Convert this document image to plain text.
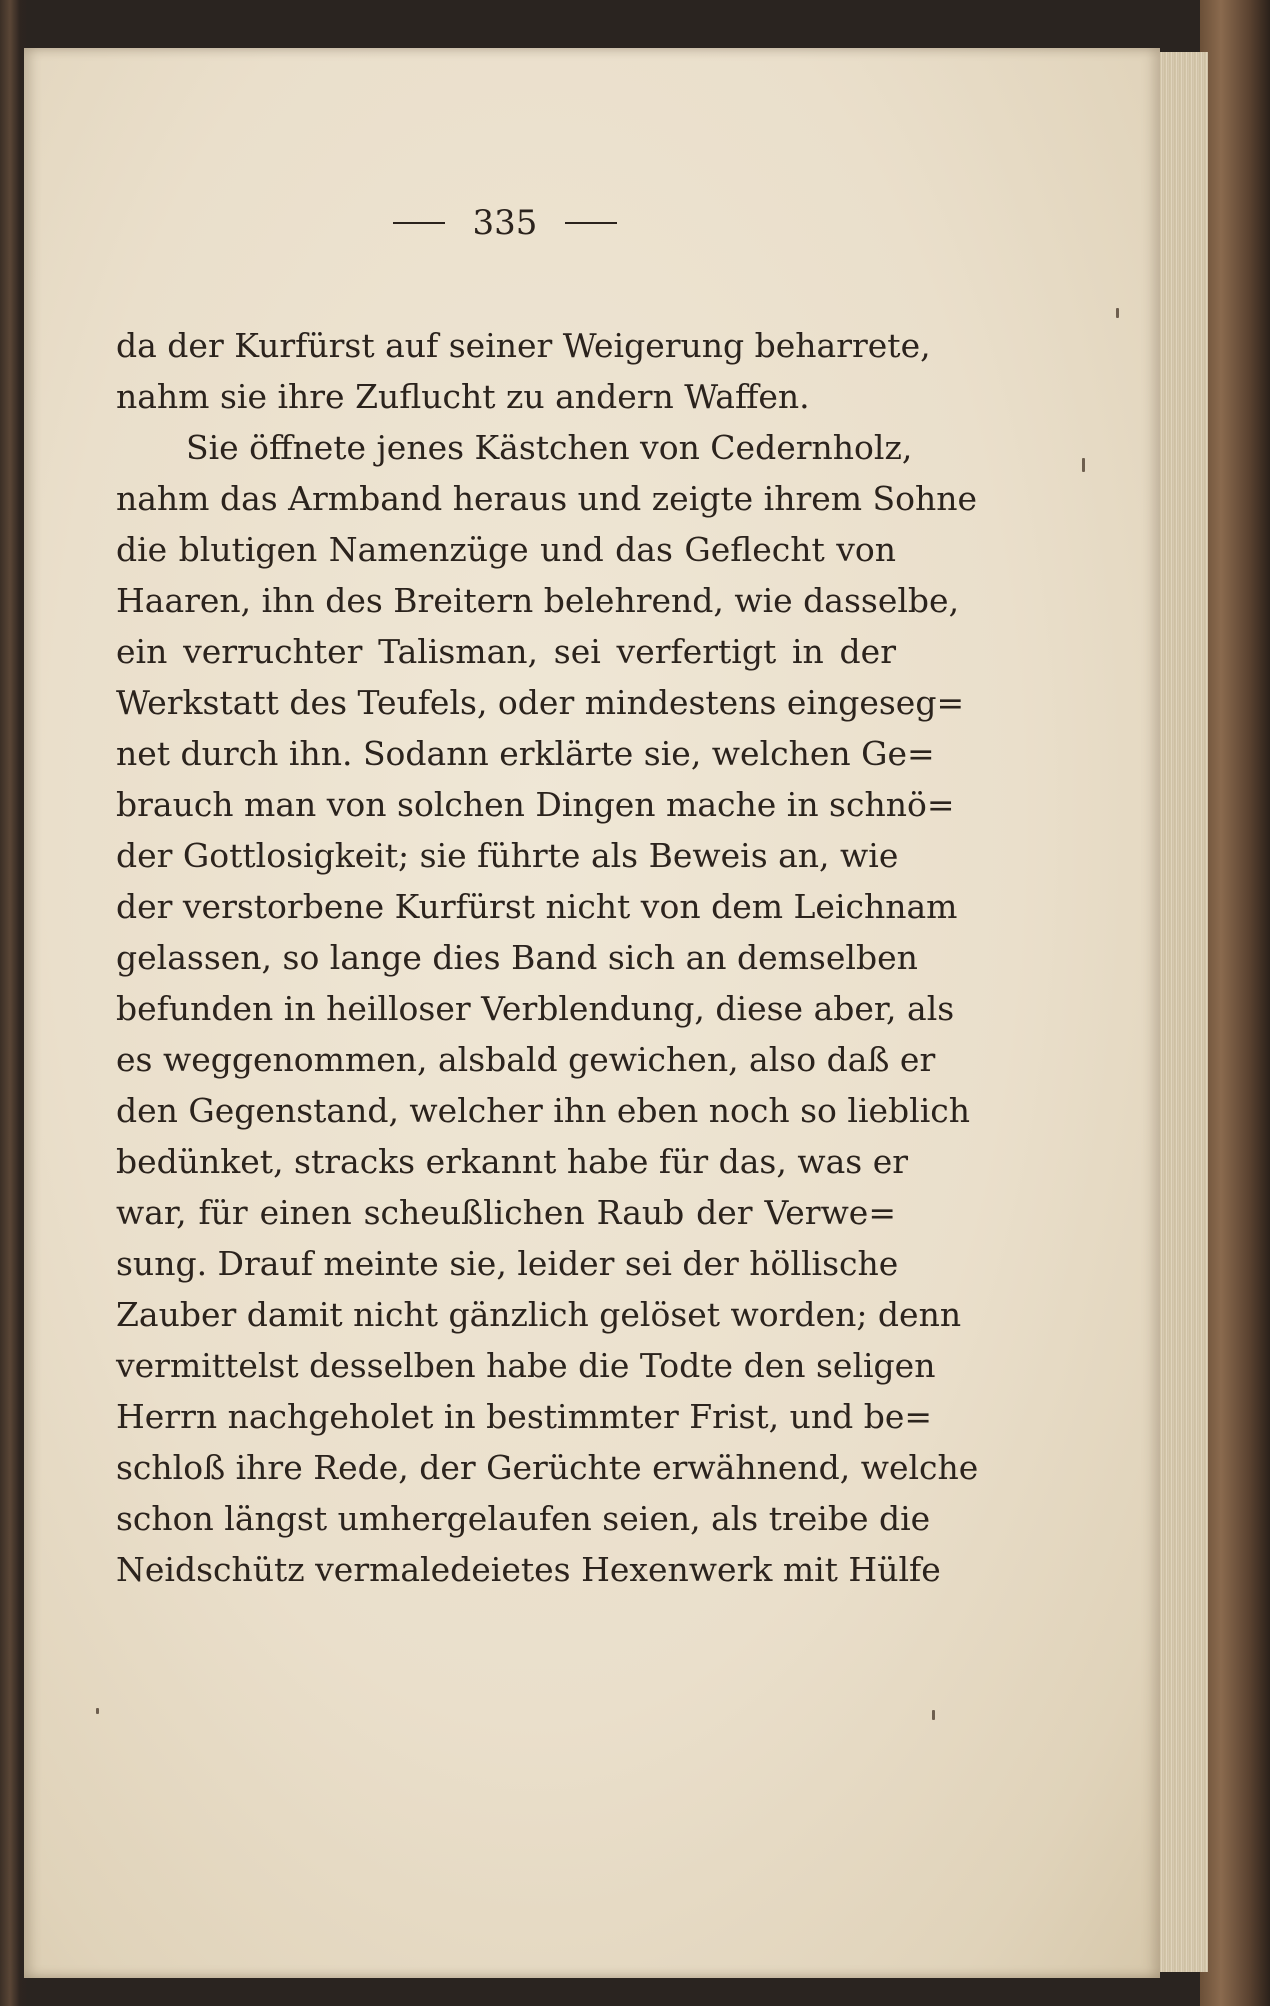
335
da der Kurfürst auf seiner Weigerung beharrete,
nahm sie ihre Zuflucht zu andern Waffen.
Sie öffnete jenes Kästchen von Cedernholz,
nahm das Armband heraus und zeigte ihrem Sohne
die blutigen Namenzüge und das Geflecht von
Haaren, ihn des Breitern belehrend, wie dasselbe,
ein verruchter Talisman, sei verfertigt in der
Werkstatt des Teufels, oder mindestens eingeseg=
net durch ihn. Sodann erklärte sie, welchen Ge=
brauch man von solchen Dingen mache in schnö=
der Gottlosigkeit; sie führte als Beweis an, wie
der verstorbene Kurfürst nicht von dem Leichnam
gelassen, so lange dies Band sich an demselben
befunden in heilloser Verblendung, diese aber, als
es weggenommen, alsbald gewichen, also daß er
den Gegenstand, welcher ihn eben noch so lieblich
bedünket, stracks erkannt habe für das, was er
war, für einen scheußlichen Raub der Verwe=
sung. Drauf meinte sie, leider sei der höllische
Zauber damit nicht gänzlich gelöset worden; denn
vermittelst desselben habe die Todte den seligen
Herrn nachgeholet in bestimmter Frist, und be=
schloß ihre Rede, der Gerüchte erwähnend, welche
schon längst umhergelaufen seien, als treibe die
Neidschütz vermaledeietes Hexenwerk mit Hülfe
